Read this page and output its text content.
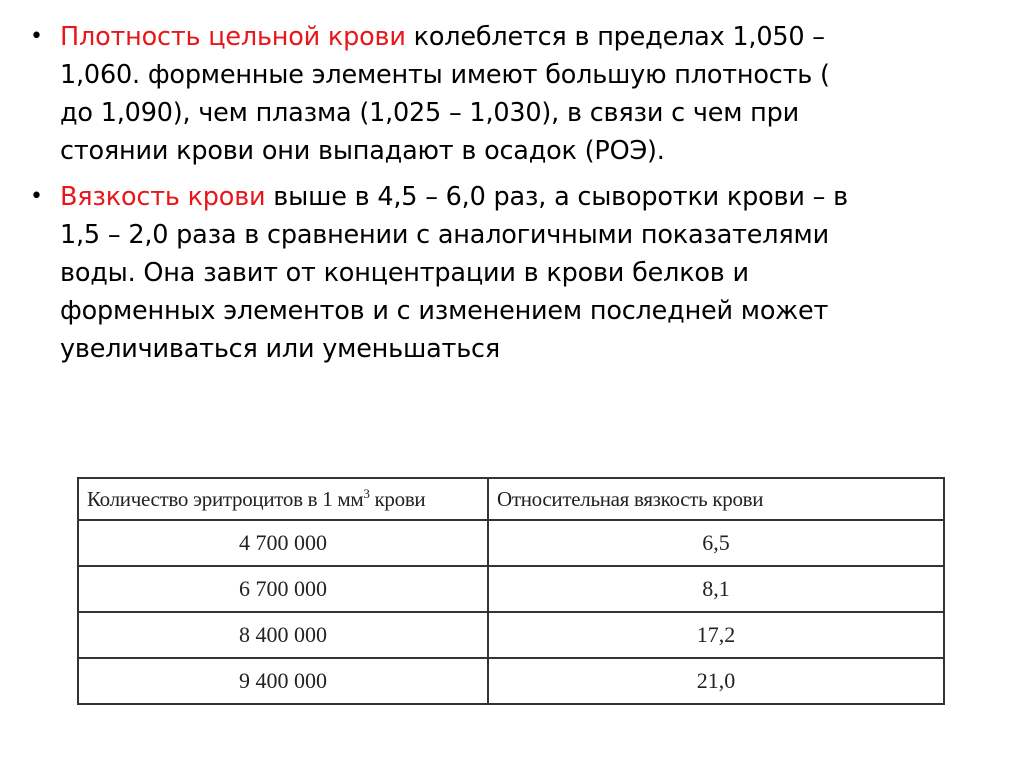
• Плотность цельной крови колеблется в пределах 1,050 –
1,060. форменные элементы имеют большую плотность (
до 1,090), чем плазма (1,025 – 1,030), в связи с чем при
стоянии крови они выпадают в осадок (РОЭ).
• Вязкость крови выше в 4,5 – 6,0 раз, а сыворотки крови – в
1,5 – 2,0 раза в сравнении с аналогичными показателями
воды. Она завит от концентрации в крови белков и
форменных элементов и с изменением последней может
увеличиваться или уменьшаться
Количество эритроцитов в 1 $мм^3$ крови	Относительная вязкость крови
4 700 000	6,5
6 700 000	8,1
8 400 000	17,2
9 400 000	21,0
